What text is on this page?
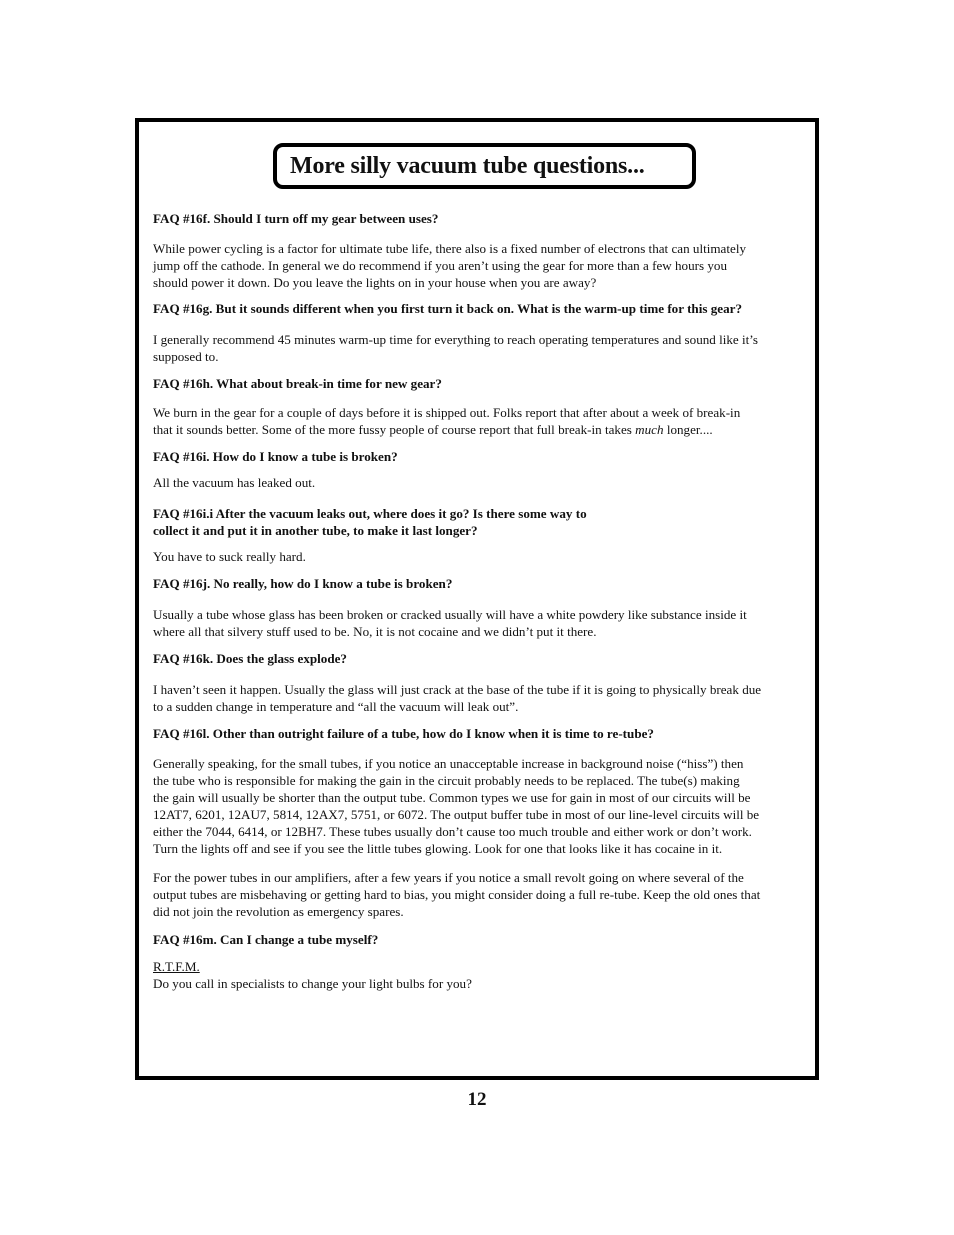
More silly vacuum tube questions...

FAQ #16f. Should I turn off my gear between uses?

While power cycling is a factor for ultimate tube life, there also is a fixed number of electrons that can ultimately
jump off the cathode. In general we do recommend if you aren’t using the gear for more than a few hours you
should power it down. Do you leave the lights on in your house when you are away?

FAQ #16g. But it sounds different when you first turn it back on. What is the warm-up time for this gear?

I generally recommend 45 minutes warm-up time for everything to reach operating temperatures and sound like it’s
supposed to.

FAQ #16h. What about break-in time for new gear?

We burn in the gear for a couple of days before it is shipped out. Folks report that after about a week of break-in
that it sounds better. Some of the more fussy people of course report that full break-in takes much longer....

FAQ #16i. How do I know a tube is broken?

All the vacuum has leaked out.
FAQ #16i.i After the vacuum leaks out, where does it go? Is there some way to
collect it and put it in another tube, to make it last longer?
You have to suck really hard.

FAQ #16j. No really, how do I know a tube is broken?

Usually a tube whose glass has been broken or cracked usually will have a white powdery like substance inside it
where all that silvery stuff used to be. No, it is not cocaine and we didn’t put it there.

FAQ #16k. Does the glass explode?

I haven’t seen it happen. Usually the glass will just crack at the base of the tube if it is going to physically break due
to a sudden change in temperature and “all the vacuum will leak out”.

FAQ #16l. Other than outright failure of a tube, how do I know when it is time to re-tube?

Generally speaking, for the small tubes, if you notice an unacceptable increase in background noise (“hiss”) then
the tube who is responsible for making the gain in the circuit probably needs to be replaced. The tube(s) making
the gain will usually be shorter than the output tube. Common types we use for gain in most of our circuits will be
12AT7, 6201, 12AU7, 5814, 12AX7, 5751, or 6072. The output buffer tube in most of our line-level circuits will be
either the 7044, 6414, or 12BH7. These tubes usually don’t cause too much trouble and either work or don’t work.
Turn the lights off and see if you see the little tubes glowing. Look for one that looks like it has cocaine in it.
For the power tubes in our amplifiers, after a few years if you notice a small revolt going on where several of the
output tubes are misbehaving or getting hard to bias, you might consider doing a full re-tube. Keep the old ones that
did not join the revolution as emergency spares.

FAQ #16m. Can I change a tube myself?

R.T.F.M.
Do you call in specialists to change your light bulbs for you?
12
